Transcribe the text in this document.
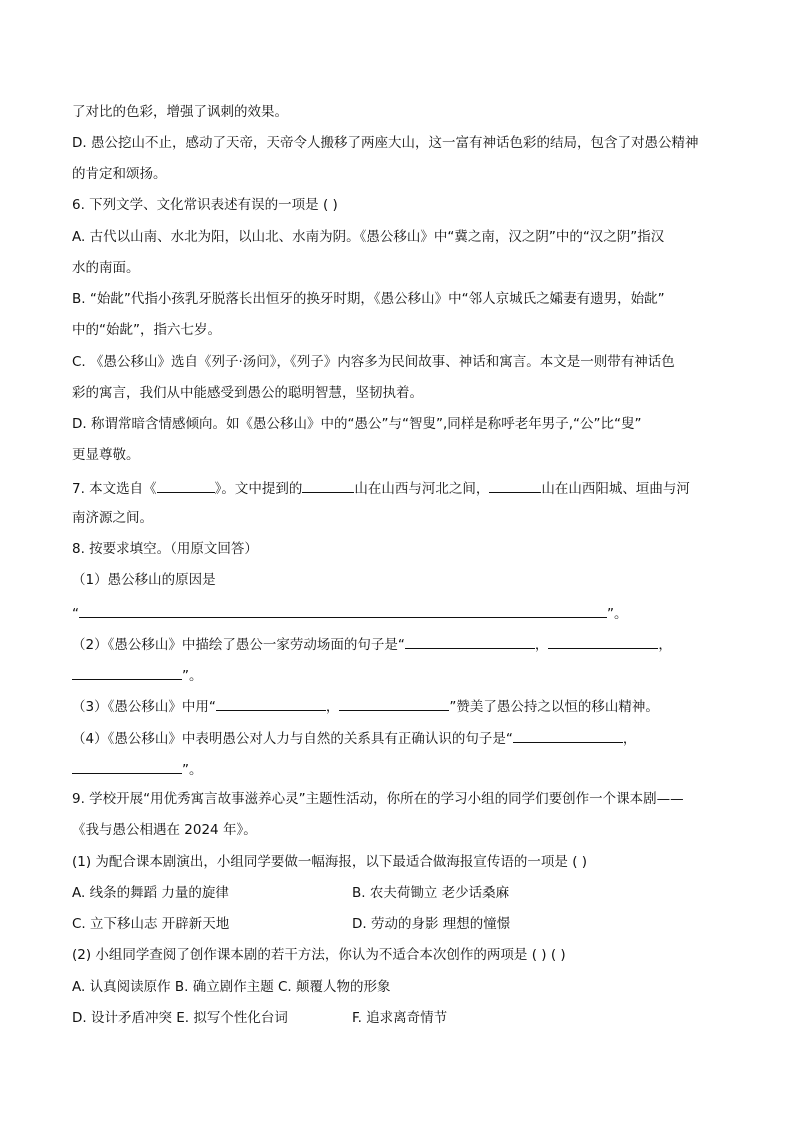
了对比的色彩，增强了讽刺的效果。
D. 愚公挖山不止，感动了天帝，天帝令人搬移了两座大山，这一富有神话色彩的结局，包含了对愚公精神
的肯定和颂扬。
6. 下列文学、文化常识表述有误的一项是 ( )
A. 古代以山南、水北为阳，以山北、水南为阴。《愚公移山》中“冀之南，汉之阴”中的“汉之阴”指汉
水的南面。
B. “始龀”代指小孩乳牙脱落长出恒牙的换牙时期，《愚公移山》中“邻人京城氏之孀妻有遗男，始龀”
中的“始龀”，指六七岁。
C. 《愚公移山》选自《列子·汤问》，《列子》内容多为民间故事、神话和寓言。本文是一则带有神话色
彩的寓言，我们从中能感受到愚公的聪明智慧，坚韧执着。
D. 称谓常暗含情感倾向。如《愚公移山》中的“愚公”与“智叟”,同样是称呼老年男子,“公”比“叟”
更显尊敬。
7. 本文选自《	》。文中提到的	山在山西与河北之间，	山在山西阳城、垣曲与河
南济源之间。
8. 按要求填空。（用原文回答）
（1）愚公移山的原因是
“	”。
（2）《愚公移山》中描绘了愚公一家劳动场面的句子是“	，	，
”。
（3）《愚公移山》中用“	，	”赞美了愚公持之以恒的移山精神。
（4）《愚公移山》中表明愚公对人力与自然的关系具有正确认识的句子是“	，
”。
9. 学校开展“用优秀寓言故事滋养心灵”主题性活动，你所在的学习小组的同学们要创作一个课本剧——
《我与愚公相遇在 2024 年》。
(1) 为配合课本剧演出，小组同学要做一幅海报，以下最适合做海报宣传语的一项是 ( )
A. 线条的舞蹈 力量的旋律	B. 农夫荷锄立 老少话桑麻
C. 立下移山志 开辟新天地	D. 劳动的身影 理想的憧憬
(2) 小组同学查阅了创作课本剧的若干方法，你认为不适合本次创作的两项是 ( ) ( )
A. 认真阅读原作 B. 确立剧作主题 C. 颠覆人物的形象
D. 设计矛盾冲突 E. 拟写个性化台词	F. 追求离奇情节
